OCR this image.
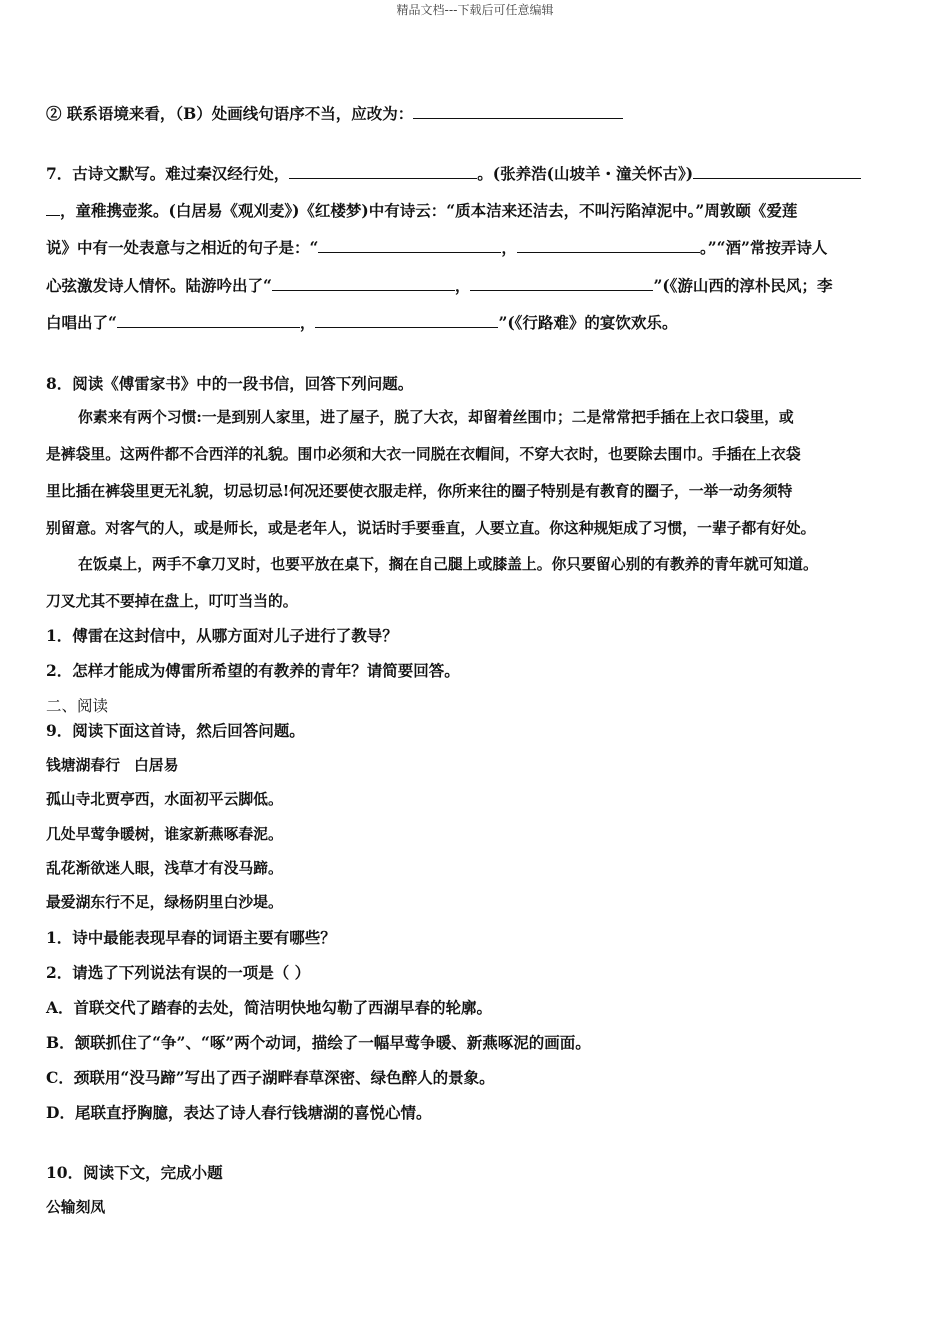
精品文档---下载后可任意编辑
② 联系语境来看，（B）处画线句语序不当，应改为：
7．古诗文默写。难过秦汉经行处，	。(张养浩(山坡羊・潼关怀古》)
，童稚携壶浆。(白居易《观刈麦》)《红楼梦)中有诗云：“质本洁来还洁去，不叫污陷淖泥中。”周敦颐《爱莲
说》中有一处表意与之相近的句子是：“	，	。”“酒”常按弄诗人
心弦激发诗人情怀。陆游吟出了“	，	”(《游山西的淳朴民风；李
白唱出了“	，	”(《行路难》的宴饮欢乐。
8．阅读《傅雷家书》中的一段书信，回答下列问题。
你素来有两个习惯:一是到别人家里，进了屋子，脱了大衣，却留着丝围巾；二是常常把手插在上衣口袋里，或
是裤袋里。这两件都不合西洋的礼貌。围巾必须和大衣一同脱在衣帽间，不穿大衣时，也要除去围巾。手插在上衣袋
里比插在裤袋里更无礼貌，切忌切忌!何况还要使衣服走样，你所来往的圈子特别是有教育的圈子，一举一动务须特
别留意。对客气的人，或是师长，或是老年人，说话时手要垂直，人要立直。你这种规矩成了习惯，一辈子都有好处。
在饭桌上，两手不拿刀叉时，也要平放在桌下，搁在自己腿上或膝盖上。你只要留心别的有教养的青年就可知道。
刀叉尤其不要掉在盘上，叮叮当当的。
1．傅雷在这封信中，从哪方面对儿子进行了教导？
2．怎样才能成为傅雷所希望的有教养的青年？请简要回答。
二、阅读
9．阅读下面这首诗，然后回答问题。
钱塘湖春行 白居易
孤山寺北贾亭西，水面初平云脚低。
几处早莺争暖树，谁家新燕啄春泥。
乱花渐欲迷人眼，浅草才有没马蹄。
最爱湖东行不足，绿杨阴里白沙堤。
1．诗中最能表现早春的词语主要有哪些？
2．请选了下列说法有误的一项是（ ）
A．首联交代了踏春的去处，简洁明快地勾勒了西湖早春的轮廓。
B．颔联抓住了“争”、“啄”两个动词，描绘了一幅早莺争暖、新燕啄泥的画面。
C．颈联用“没马蹄”写出了西子湖畔春草深密、绿色醉人的景象。
D．尾联直抒胸臆，表达了诗人春行钱塘湖的喜悦心情。
10．阅读下文，完成小题
公输刻凤
